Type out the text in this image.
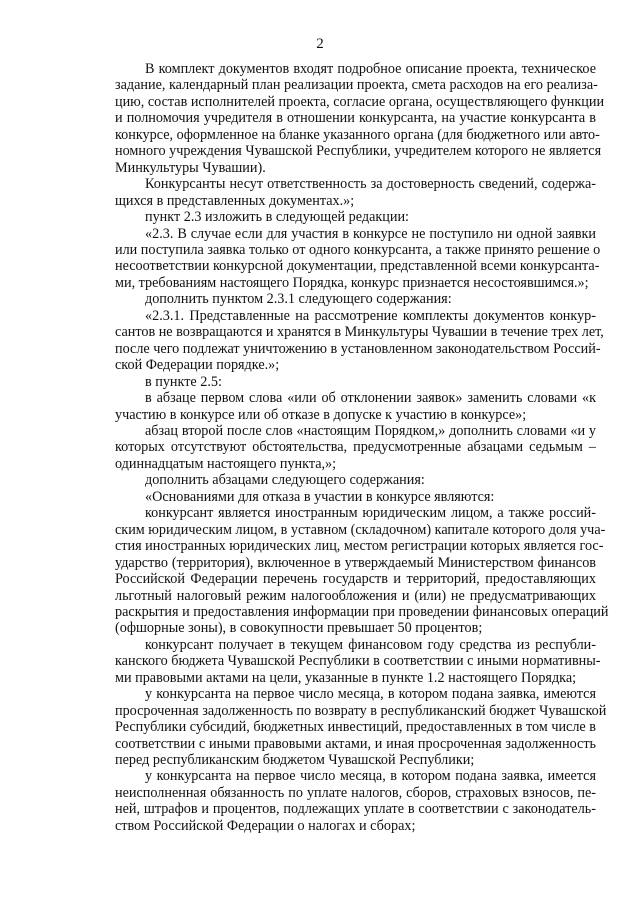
2
В комплект документов входят подробное описание проекта, техническое
задание, календарный план реализации проекта, смета расходов на его реализа-
цию, состав исполнителей проекта, согласие органа, осуществляющего функции
и полномочия учредителя в отношении конкурсанта, на участие конкурсанта в
конкурсе, оформленное на бланке указанного органа (для бюджетного или авто-
номного учреждения Чувашской Республики, учредителем которого не является
Минкультуры Чувашии).
Конкурсанты несут ответственность за достоверность сведений, содержа-
щихся в представленных документах.»;
пункт 2.3 изложить в следующей редакции:
«2.3. В случае если для участия в конкурсе не поступило ни одной заявки
или поступила заявка только от одного конкурсанта, а также принято решение о
несоответствии конкурсной документации, представленной всеми конкурсанта-
ми, требованиям настоящего Порядка, конкурс признается несостоявшимся.»;
дополнить пунктом 2.3.1 следующего содержания:
«2.3.1. Представленные на рассмотрение комплекты документов конкур-
сантов не возвращаются и хранятся в Минкультуры Чувашии в течение трех лет,
после чего подлежат уничтожению в установленном законодательством Россий-
ской Федерации порядке.»;
в пункте 2.5:
в абзаце первом слова «или об отклонении заявок» заменить словами «к
участию в конкурсе или об отказе в допуске к участию в конкурсе»;
абзац второй после слов «настоящим Порядком,» дополнить словами «и у
которых отсутствуют обстоятельства, предусмотренные абзацами седьмым –
одиннадцатым настоящего пункта,»;
дополнить абзацами следующего содержания:
«Основаниями для отказа в участии в конкурсе являются:
конкурсант является иностранным юридическим лицом, а также россий-
ским юридическим лицом, в уставном (складочном) капитале которого доля уча-
стия иностранных юридических лиц, местом регистрации которых является гос-
ударство (территория), включенное в утверждаемый Министерством финансов
Российской Федерации перечень государств и территорий, предоставляющих
льготный налоговый режим налогообложения и (или) не предусматривающих
раскрытия и предоставления информации при проведении финансовых операций
(офшорные зоны), в совокупности превышает 50 процентов;
конкурсант получает в текущем финансовом году средства из республи-
канского бюджета Чувашской Республики в соответствии с иными нормативны-
ми правовыми актами на цели, указанные в пункте 1.2 настоящего Порядка;
у конкурсанта на первое число месяца, в котором подана заявка, имеются
просроченная задолженность по возврату в республиканский бюджет Чувашской
Республики субсидий, бюджетных инвестиций, предоставленных в том числе в
соответствии с иными правовыми актами, и иная просроченная задолженность
перед республиканским бюджетом Чувашской Республики;
у конкурсанта на первое число месяца, в котором подана заявка, имеется
неисполненная обязанность по уплате налогов, сборов, страховых взносов, пе-
ней, штрафов и процентов, подлежащих уплате в соответствии с законодатель-
ством Российской Федерации о налогах и сборах;
